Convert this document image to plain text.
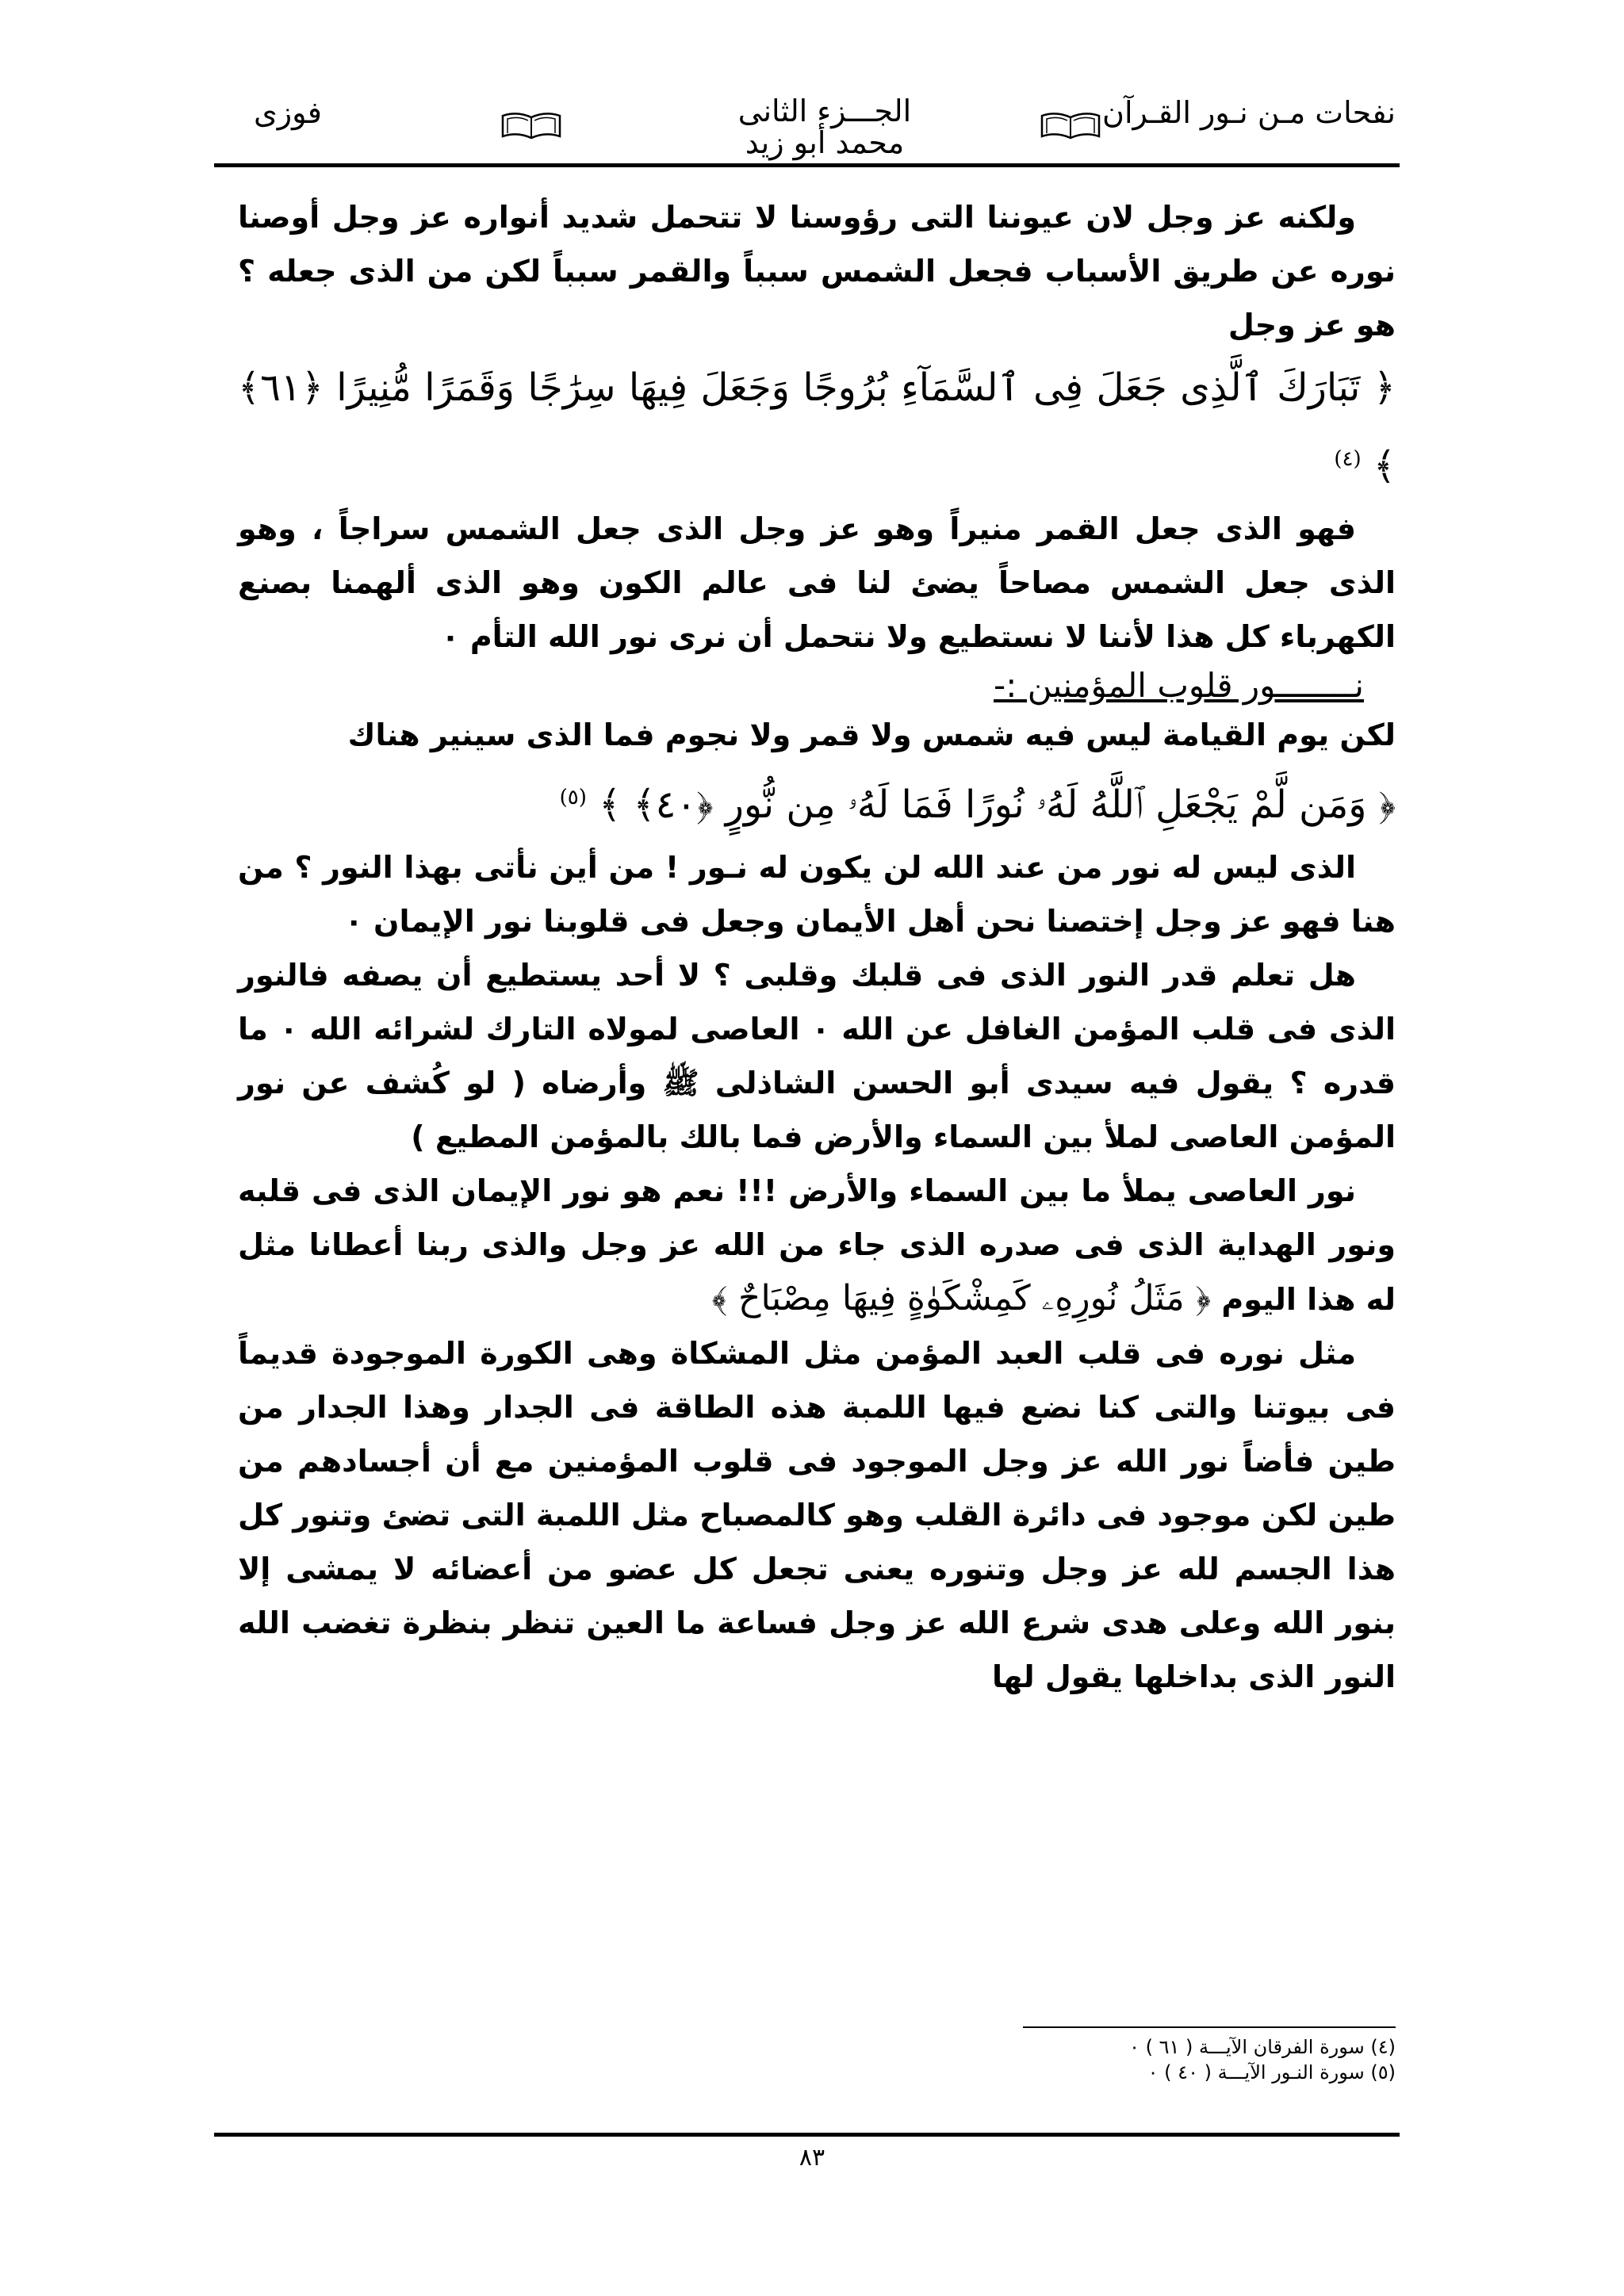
فوزى	الجـــزء الثانى
محمد أبو زيد
نفحات مـن نـور القـرآن

ولكنه عز وجل لان عيوننا التى رؤوسنا لا تتحمل شديد أنواره عز وجل أوصنا نوره عن طريق الأسباب فجعل الشمس سبباً والقمر سبباً لكن من الذى جعله ؟ هو عز وجل

﴿ تَبَارَكَ ٱلَّذِى جَعَلَ فِى ٱلسَّمَآءِ بُرُوجًا وَجَعَلَ فِيهَا سِرَٰجًا وَقَمَرًا مُّنِيرًا ﴿٦١﴾ ﴾ $^{(٤)}$

فهو الذى جعل القمر منيراً وهو عز وجل الذى جعل الشمس سراجاً ، وهو الذى جعل الشمس مصاحاً يضئ لنا فى عالم الكون وهو الذى ألهمنا بصنع الكهرباء كل هذا لأننا لا نستطيع ولا نتحمل أن نرى نور الله التأم ٠

نــــــــور قلوب المؤمنين :-

لكن يوم القيامة ليس فيه شمس ولا قمر ولا نجوم فما الذى سينير هناك

﴿ وَمَن لَّمْ يَجْعَلِ ٱللَّهُ لَهُۥ نُورًا فَمَا لَهُۥ مِن نُّورٍ ﴿٤٠﴾ ﴾ $^{(٥)}$

الذى ليس له نور من عند الله لن يكون له نـور ! من أين نأتى بهذا النور ؟ من هنا فهو عز وجل إختصنا نحن أهل الأيمان وجعل فى قلوبنا نور الإيمان ٠

هل تعلم قدر النور الذى فى قلبك وقلبى ؟ لا أحد يستطيع أن يصفه فالنور الذى فى قلب المؤمن الغافل عن الله ٠ العاصى لمولاه التارك لشرائه الله ٠ ما قدره ؟ يقول فيه سيدى أبو الحسن الشاذلى ﷺ وأرضاه ( لو كُشف عن نور المؤمن العاصى لملأ بين السماء والأرض فما بالك بالمؤمن المطيع )

نور العاصى يملأ ما بين السماء والأرض !!! نعم هو نور الإيمان الذى فى قلبه ونور الهداية الذى فى صدره الذى جاء من الله عز وجل والذى ربنا أعطانا مثل له هذا اليوم ﴿ مَثَلُ نُورِهِۦ كَمِشْكَوٰةٍ فِيهَا مِصْبَاحٌ ﴾

مثل نوره فى قلب العبد المؤمن مثل المشكاة وهى الكورة الموجودة قديماً فى بيوتنا والتى كنا نضع فيها اللمبة هذه الطاقة فى الجدار وهذا الجدار من طين فأضاً نور الله عز وجل الموجود فى قلوب المؤمنين مع أن أجسادهم من طين لكن موجود فى دائرة القلب وهو كالمصباح مثل اللمبة التى تضئ وتنور كل هذا الجسم لله عز وجل وتنوره يعنى تجعل كل عضو من أعضائه لا يمشى إلا بنور الله وعلى هدى شرع الله عز وجل فساعة ما العين تنظر بنظرة تغضب الله النور الذى بداخلها يقول لها

(٤) سورة الفرقان الآيـــة ( ٦١ ) ٠
(٥) سورة النـور الآيـــة ( ٤٠ ) ٠
٨٣
